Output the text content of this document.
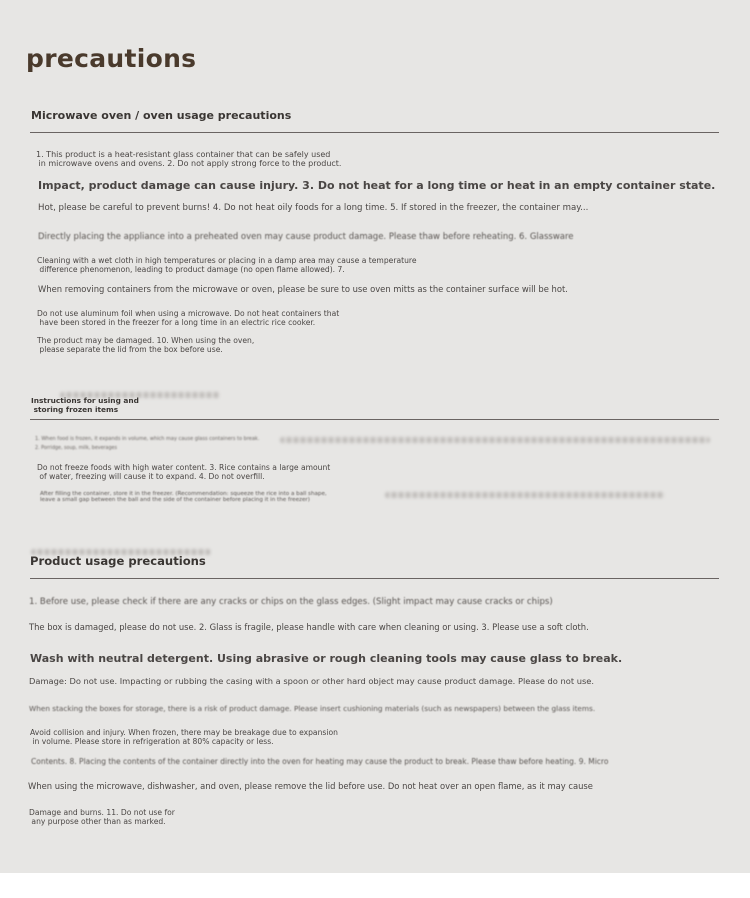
precautions
Microwave oven / oven usage precautions
1. This product is a heat-resistant glass container that can be safely used
in microwave ovens and ovens. 2. Do not apply strong force to the product.
Impact, product damage can cause injury. 3. Do not heat for a long time or heat in an empty container state.
Hot, please be careful to prevent burns! 4. Do not heat oily foods for a long time. 5. If stored in the freezer, the container may...
Directly placing the appliance into a preheated oven may cause product damage. Please thaw before reheating. 6. Glassware
Cleaning with a wet cloth in high temperatures or placing in a damp area may cause a temperature
difference phenomenon, leading to product damage (no open flame allowed). 7.
When removing containers from the microwave or oven, please be sure to use oven mitts as the container surface will be hot.
Do not use aluminum foil when using a microwave. Do not heat containers that
have been stored in the freezer for a long time in an electric rice cooker.
The product may be damaged. 10. When using the oven,
please separate the lid from the box before use.
Instructions for using and
storing frozen items
1. When food is frozen, it expands in volume, which may cause glass containers to break.
2. Porridge, soup, milk, beverages
Do not freeze foods with high water content. 3. Rice contains a large amount
of water, freezing will cause it to expand. 4. Do not overfill.
After filling the container, store it in the freezer. (Recommendation: squeeze the rice into a ball shape,
leave a small gap between the ball and the side of the container before placing it in the freezer)
Product usage precautions
1. Before use, please check if there are any cracks or chips on the glass edges. (Slight impact may cause cracks or chips)
The box is damaged, please do not use. 2. Glass is fragile, please handle with care when cleaning or using. 3. Please use a soft cloth.
Wash with neutral detergent. Using abrasive or rough cleaning tools may cause glass to break.
Damage: Do not use. Impacting or rubbing the casing with a spoon or other hard object may cause product damage. Please do not use.
When stacking the boxes for storage, there is a risk of product damage. Please insert cushioning materials (such as newspapers) between the glass items.
Avoid collision and injury. When frozen, there may be breakage due to expansion
in volume. Please store in refrigeration at 80% capacity or less.
Contents. 8. Placing the contents of the container directly into the oven for heating may cause the product to break. Please thaw before heating. 9. Micro
When using the microwave, dishwasher, and oven, please remove the lid before use. Do not heat over an open flame, as it may cause
Damage and burns. 11. Do not use for
any purpose other than as marked.
